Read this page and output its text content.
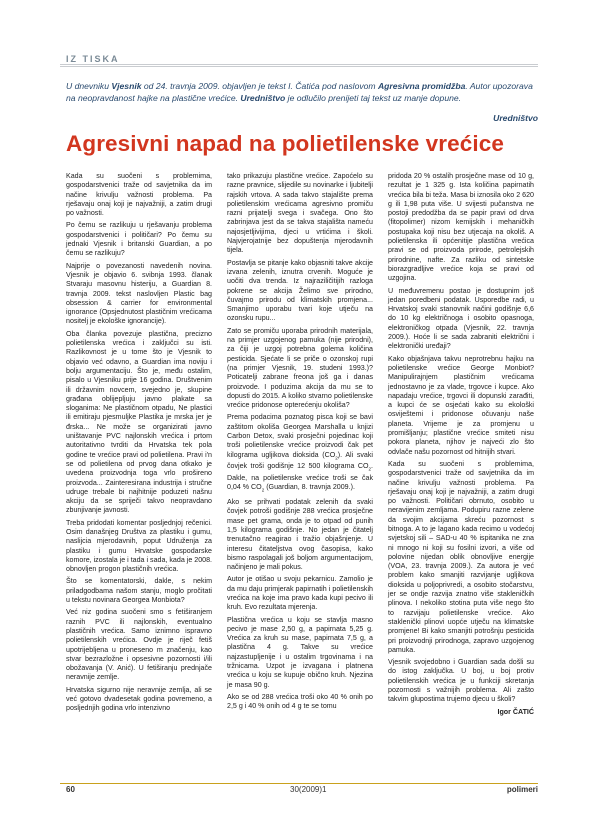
IZ TISKA
U dnevniku Vjesnik od 24. travnja 2009. objavljen je tekst I. Čatića pod naslovom Agresivna promidžba. Autor upozorava na neopravdanost hajke na plastične vrećice. Uredništvo je odlučilo prenijeti taj tekst uz manje dopune.
Uredništvo
Agresivni napad na polietilenske vrećice

Kada su suočeni s problemima, gospodarstvenici traže od savjetnika da im načine krivulju važnosti problema. Pa rješavaju onaj koji je najvažniji, a zatim drugi po važnosti.

Po čemu se razlikuju u rješavanju problema gospodarstvenici i političari? Po čemu su jednaki Vjesnik i britanski Guardian, a po čemu se razlikuju?

Najprije o povezanosti navedenih novina. Vjesnik je objavio 6. svibnja 1993. članak Stvaraju masovnu histeriju, a Guardian 8. travnja 2009. tekst naslovljen Plastic bag obsession & carrier for environmental ignorance (Opsjednutost plastičnim vrećicama nositelj je ekološke ignorancije).

Oba članka povezuje plastična, precizno polietilenska vrećica i zaključci su isti. Razlikovnost je u tome što je Vjesnik to objavio već odavno, a Guardian ima noviju i bolju argumentaciju. Što je, među ostalim, pisalo u Vjesniku prije 16 godina. Društvenim ili državnim novcem, svejedno je, skupine građana oblijepljuju javno plakate sa sloganima: Ne plastičnom otpadu, Ne plastici ili emitiraju pjesmuljke Plastika je mrska jer je đrska... Ne može se organizirati javno uništavanje PVC najlonskih vrećica i prtom autoritativno tvrditi da Hrvatska tek pola godine te vrećice pravi od polietilena. Pravi i'n se od polietilena od prvog dana otkako je uvedena proizvodnja toga vrlo prošireno proizvoda... Zainteresirana industrija i stručne udruge trebale bi najhitnije poduzeti našnu akciju da se spriječi takvo neopravdano zbunjivanje javnosti.

Treba pridodati komentar posljednjoj rečenici. Osim današnjeg Društva za plastiku i gumu, naslijcia mjerodavnih, poput Udruženja za plastiku i gumu Hrvatske gospodarske komore, izostala je i tada i sada, kada je 2008. obnovljen progon plastičnih vrećica.

Što se komentatorski, dakle, s nekim priladgodbama našom stanju, moglo pročitati u tekstu novinara Georgea Monbiota?

Već niz godina suočeni smo s fetiširanjem raznih PVC ili najlonskih, eventualno plastičnih vrećica. Samo iznimno ispravno polietilenskih vrećica. Ovdje je riječ fetiš upotrijebljena u proneseno m značenju, kao stvar bezrazložne i opsesivne pozornosti i/ili obožavanja (V. Anić). U fetiširanju prednjače neravnije zemlje.

Hrvatska sigurno nije neravnije zemlja, ali se već gotovo dvadesetak godina povremeno, a posljednjih godina vrlo intenzivno

tako prikazuju plastične vrećice. Zapoćelo su razne pravnice, slijedile su novinarke i ljubitelji rajskih vrtova. A sada takvo stajalište prema polietilenskim vrećicama agresivno promiču razni prijatelji svega i svačega. Ono što zabrinjava jest da se takva stajališta nameću najosjetljivijima, djeci u vrtićima i školi. Najvjerojatnije bez dopuštenja mjerodavnih tijela.

Postavlja se pitanje kako objasniti takve akcije izvana zelenih, iznutra crvenih. Moguće je uočiti dva trenda. Iz najraziličitijih razloga pokrene se akcija Želimo sve prirodno, čuvajmo prirodu od klimatskih promjena... Smanjimo uporabu tvari koje utječu na ozonsku rupu...

Zato se promiču uporaba prirodnih materijala, na primjer uzgojenog pamuka (nije prirodni), za čiji je uzgoj potrebna golema količina pesticida. Sjećate li se priče o ozonskoj rupi (na primjer Vjesnik, 19. studeni 1993.)? Poticatelji zabrane freona još ga i danas proizvode. I poduzima akcija da mu se to dopusti do 2015. A koliko stvarno polietilenske vrećice pridonose opterećenju okoliša?

Prema podacima poznatog pisca koji se bavi zaštitom okoliša Georgea Marshalla u knjizi Carbon Detox, svaki prosječni pojedinac koji troši polietilenske vrećice proizvodi čak pet kilograma ugljikova dioksida $(CO_2)$. Ali svaki čovjek troši godišnje 12 500 kilograma $CO_2$. Dakle, na polietilenske vrećice troši se čak 0,04 % $CO_2$ (Guardian, 8. travnja 2009.).

Ako se prihvati podatak zelenih da svaki čovjek potroši godišnje 288 vrećica prosječne mase pet grama, onda je to otpad od punih 1,5 kilograma godišnje. No jedan je čitatelj trenutačno reagirao i tražio objašnjenje. U interesu čitateljstva ovog časopisa, kako bismo raspolagali još boljom argumentacijom, načinjeno je mali pokus.

Autor je otišao u svoju pekarnicu. Zamolio je da mu daju primjerak papirnatih i polietilenskih vrećica na koje ima pravo kada kupi pecivo ili kruh. Evo rezultata mjerenja.

Plastična vrećica u koju se stavlja masno pecivo je mase 2,50 g, a papirnata 5,25 g. Vrećica za kruh su mase, papirnata 7,5 g, a plastična 4 g. Takve su vrećice najzastupljenije i u ostalim trgovinama i na tržnicama. Uzpot je izvagana i platnena vrećica u koju se kupuje obično kruh. Njezina je masa 90 g.

Ako se od 288 vrećica troši oko 40 % onih po 2,5 g i 40 % onih od 4 g te se tomu

pridoda 20 % ostalih prosječne mase od 10 g, rezultat je 1 325 g. Ista količina papirnatih vrećica bila bi teža. Masa bi iznosila oko 2 620 g ili 1,98 puta više. U svijesti pučanstva ne postoji predodžba da se papir pravi od drva (fitopolimer) nizom kemijskih i mehaničkih postupaka koji nisu bez utjecaja na okoliš. A polietilenska ili općenitije plastična vrećica pravi se od proizvoda prirode, petrolejskih prirodnine, nafte. Za razliku od sintetske biorazgradljive vrećice koja se pravi od uzgojina.

U međuvremenu postao je dostupnim još jedan poredbeni podatak. Usporedbe radi, u Hrvatskoj svaki stanovnik načini godišnje 6,6 do 10 kg električnoga i osobito opasnoga, elektroničkog otpada (Vjesnik, 22. travnja 2009.). Hoće li se sada zabraniti električni i elektronički uređaji?

Kako objašnjava takvu neprotrebnu hajku na polietilenske vrećice George Monbiot? Manipulirajnjem plastičnim vrećicama jednostavno je za vlade, trgovce i kupce. Ako napadaju vrećice, trgovci ili dopunski zarađiti, a kupci će se osjećati kako su ekološki osviještemi i pridonose očuvanju naše planeta. Vrijeme je za promjenu u promišljanju; plastične vrećice smiteti nisu pokora planeta, njihov je najveći zlo što odvlače našu pozornost od hitnijih stvari.

Kada su suočeni s problemima, gospodarstvenici traže od savjetnika da im načine krivulju važnosti problema. Pa rješavaju onaj koji je najvažniji, a zatim drugi po važnosti. Političari obrnuto, osobito u neravijenim zemljama. Podupiru razne zelene da svojim akcijama skreću pozornost s bitnoga. A to je lagano kada recimo u vodećoj svjetskoj sili – SAD-u 40 % ispitanika ne zna ni mnogo ni koji su fosilni izvori, a više od polovine nijedan oblik obnovljive energije (VOA, 23. travnja 2009.). Za autora je već problem kako smanjiti razvijanje ugljikova dioksida u poljoprivredi, a osobito stočarstvu, jer se ondje razvija znatno više stakleničkih plinova. I nekoliko stotina puta više nego što to razvijaju polietilenske vrećice. Ako staklenički plinovi uopće utječu na klimatske promjene! Bi kako smanjiti potrošnju pesticida pri proizvodnji prirodnoga, zapravo uzgojenog pamuka.

Vjesnik svojedobno i Guardian sada došli su do istog zaključka. U boj, u boj protiv polietilenskih vrećica je u funkciji skretanja pozornosti s važnijih problema. Ali zašto takvim glupostima trujemo djecu u školi?

Igor ČATIĆ
60	30(2009)1	polimeri
